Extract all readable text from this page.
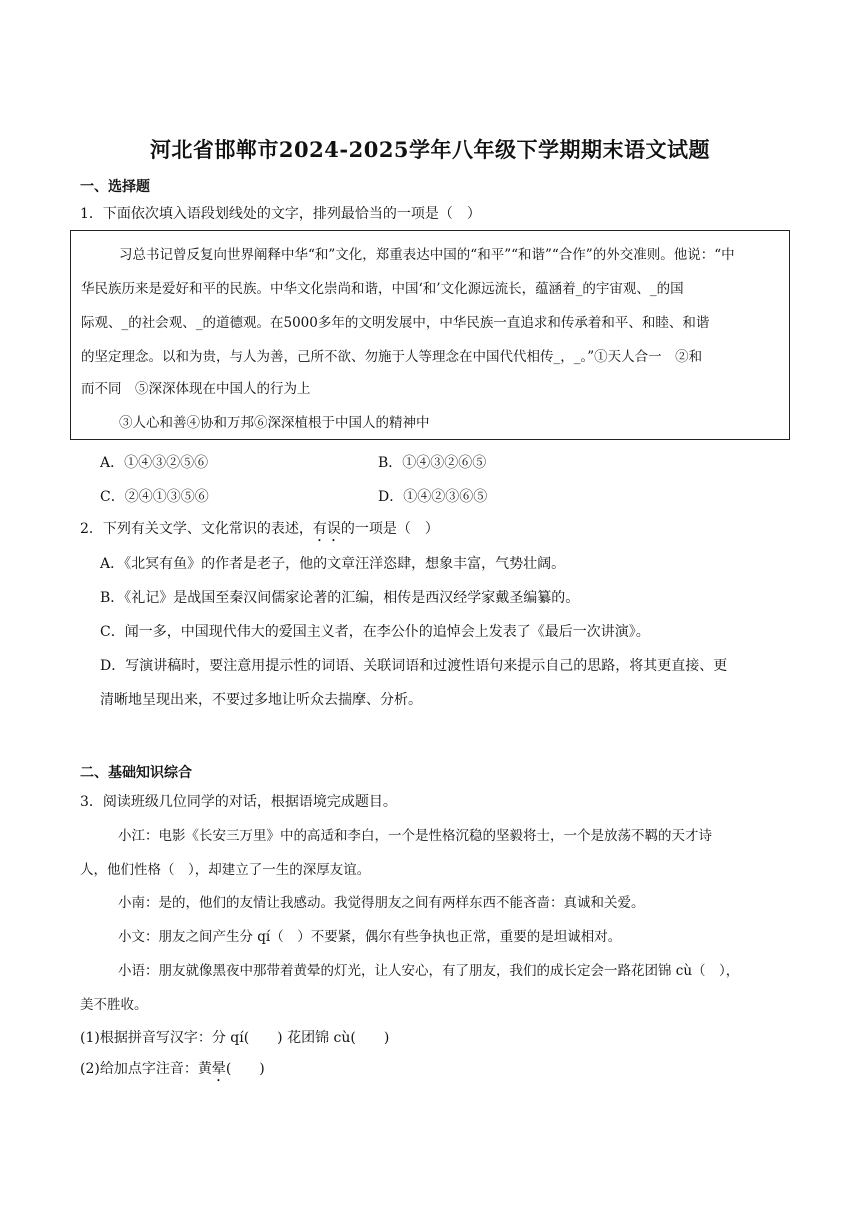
河北省邯郸市2024-2025学年八年级下学期期末语文试题
一、选择题
1．下面依次填入语段划线处的文字，排列最恰当的一项是（　）
习总书记曾反复向世界阐释中华“和”文化，郑重表达中国的“和平”“和谐”“合作”的外交准则。他说：“中
华民族历来是爱好和平的民族。中华文化崇尚和谐，中国‘和’文化源远流长，蕴涵着_的宇宙观、_的国
际观、_的社会观、_的道德观。在5000多年的文明发展中，中华民族一直追求和传承着和平、和睦、和谐
的坚定理念。以和为贵，与人为善，己所不欲、勿施于人等理念在中国代代相传_，_。”①天人合一　②和
而不同　⑤深深体现在中国人的行为上
③人心和善④协和万邦⑥深深植根于中国人的精神中
A．①④③②⑤⑥	B．①④③②⑥⑤
C．②④①③⑤⑥	D．①④②③⑥⑤
2．下列有关文学、文化常识的表述，有误的一项是（　）
A．《北冥有鱼》的作者是老子，他的文章汪洋恣肆，想象丰富，气势壮阔。
B．《礼记》是战国至秦汉间儒家论著的汇编，相传是西汉经学家戴圣编纂的。
C．闻一多，中国现代伟大的爱国主义者，在李公仆的追悼会上发表了《最后一次讲演》。
D．写演讲稿时，要注意用提示性的词语、关联词语和过渡性语句来提示自己的思路，将其更直接、更
清晰地呈现出来，不要过多地让听众去揣摩、分析。
二、基础知识综合
3．阅读班级几位同学的对话，根据语境完成题目。
小江：电影《长安三万里》中的高适和李白，一个是性格沉稳的坚毅将士，一个是放荡不羁的天才诗
人，他们性格（　），却建立了一生的深厚友谊。
小南：是的，他们的友情让我感动。我觉得朋友之间有两样东西不能吝啬：真诚和关爱。
小文：朋友之间产生分 qí（　）不要紧，偶尔有些争执也正常，重要的是坦诚相对。
小语：朋友就像黑夜中那带着黄晕的灯光，让人安心，有了朋友，我们的成长定会一路花团锦 cù（　），
美不胜收。
(1)根据拼音写汉字：分 qí(　　) 花团锦 cù(　　)
(2)给加点字注音：黄晕(　　)
